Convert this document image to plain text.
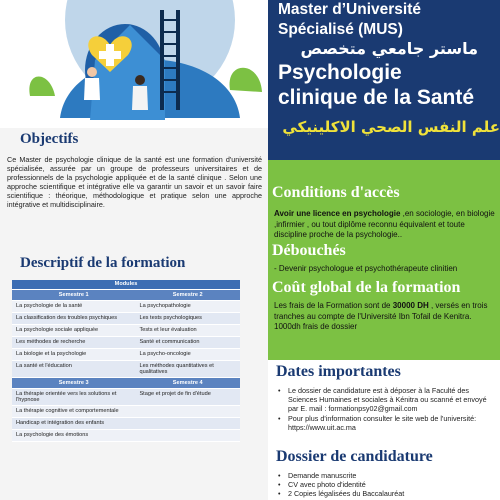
Master d’Université
Spécialisé (MUS)
ماستر جامعي متخصص
Psychologie
clinique de la Santé
علم النفس الصحي الاكلينيكي
Conditions d'accès
Avoir une licence en psychologie ,en sociologie, en biologie ,infirmier , ou tout diplôme reconnu équivalent et toute discipline proche de la psychologie..
Débouchés
- Devenir psychologue et psychothérapeute clinitien
Coût global de la formation
Les frais de la Formation sont de 30000 DH , versés en trois tranches au compte de l'Université Ibn Tofail de Kenitra. 1000dh frais de dossier
Objectifs
Ce Master de psychologie clinique de la santé est une formation d'université spécialisée, assurée par un groupe de professeurs universitaires et de professionnels de la psychologie appliquée et de la santé clinique . Selon une approche scientifique et intégrative elle va garantir un savoir et un savoir faire scientifique : théorique, méthodologique et pratique selon une approche intégrative et multidisciplinaire.
Descriptif de la formation
Modules	
Semestre 1	Semestre 2
La psychologie de la santé	La psychopathologie
La classification des troubles psychiques	Les tests psychologiques
La psychologie sociale appliquée	Tests et leur évaluation
Les méthodes de recherche	Santé et communication
La biologie et la psychologie	La psycho-oncologie
La santé et l'éducation	Les méthodes quantitatives et qualitatives
Semestre 3	Semestre 4
La thérapie orientée vers les solutions et l'hypnose	Stage et projet de fin d'étude
La thérapie cognitive et comportementale	
Handicap et intégration des enfants	
La psychologie des émotions	
Dates importantes
• Le dossier de candidature est à déposer à la Faculté des Sciences Humaines et sociales à Kénitra ou scanné et envoyé par E. mail : formationpsy02@gmail.com
• Pour plus d'information consulter le site web de l'université: https://www.uit.ac.ma
Dossier de candidature
• Demande manuscrite
• CV avec photo d'identité
• 2 Copies légalisées du Baccalauréat
